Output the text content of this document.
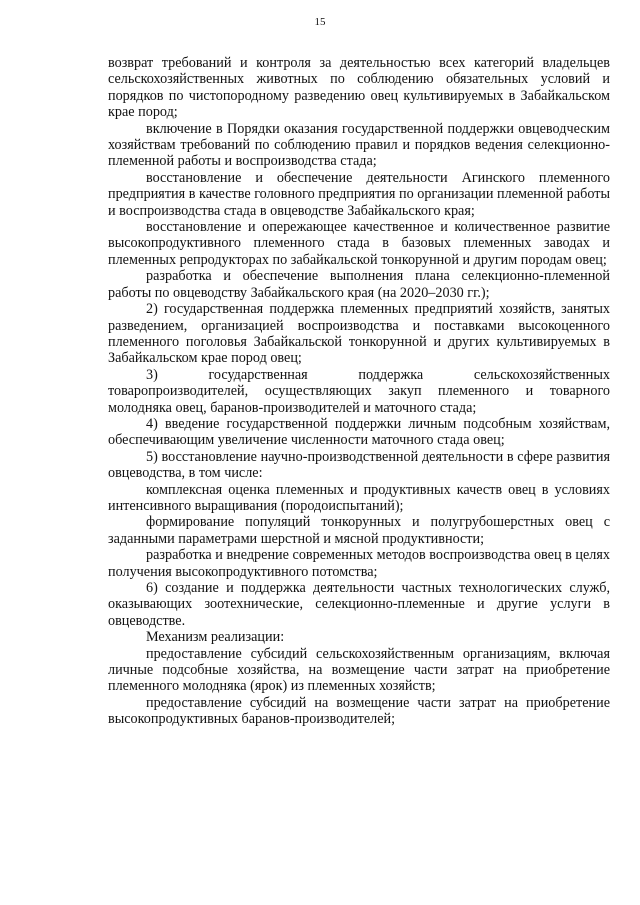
15

возврат требований и контроля за деятельностью всех категорий владельцев сельскохозяйственных животных по соблюдению обязательных условий и порядков по чистопородному разведению овец культивируемых в Забайкальском крае пород;

включение в Порядки оказания государственной поддержки овцеводческим хозяйствам требований по соблюдению правил и порядков ведения селекционно-племенной работы и воспроизводства стада;

восстановление и обеспечение деятельности Агинского племенного предприятия в качестве головного предприятия по организации племенной работы и воспроизводства стада в овцеводстве Забайкальского края;

восстановление и опережающее качественное и количественное развитие высокопродуктивного племенного стада в базовых племенных заводах и племенных репродукторах по забайкальской тонкорунной и другим породам овец;

разработка и обеспечение выполнения плана селекционно-племенной работы по овцеводству Забайкальского края (на 2020–2030 гг.);

2) государственная поддержка племенных предприятий хозяйств, занятых разведением, организацией воспроизводства и поставками высокоценного племенного поголовья Забайкальской тонкорунной и других культивируемых в Забайкальском крае пород овец;

3) государственная поддержка сельскохозяйственных товаропроизводителей, осуществляющих закуп племенного и товарного молодняка овец, баранов-производителей и маточного стада;

4) введение государственной поддержки личным подсобным хозяйствам, обеспечивающим увеличение численности маточного стада овец;

5) восстановление научно-производственной деятельности в сфере развития овцеводства, в том числе:

комплексная оценка племенных и продуктивных качеств овец в условиях интенсивного выращивания (породоиспытаний);

формирование популяций тонкорунных и полугрубошерстных овец с заданными параметрами шерстной и мясной продуктивности;

разработка и внедрение современных методов воспроизводства овец в целях получения высокопродуктивного потомства;

6) создание и поддержка деятельности частных технологических служб, оказывающих зоотехнические, селекционно-племенные и другие услуги в овцеводстве.

Механизм реализации:

предоставление субсидий сельскохозяйственным организациям, включая личные подсобные хозяйства, на возмещение части затрат на приобретение племенного молодняка (ярок) из племенных хозяйств;

предоставление субсидий на возмещение части затрат на приобретение высокопродуктивных баранов-производителей;
